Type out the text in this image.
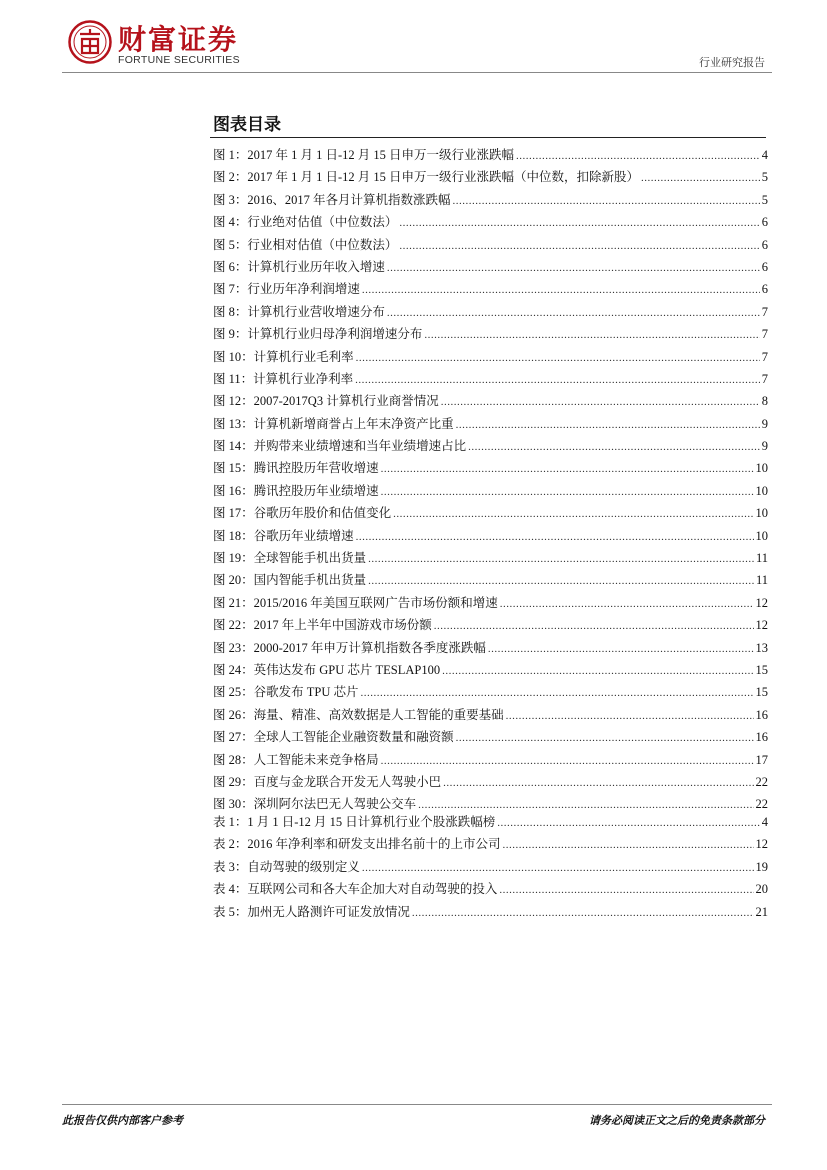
财富证券
FORTUNE SECURITIES	行业研究报告
图表目录
图 1：2017 年 1 月 1 日-12 月 15 日申万一级行业涨跌幅 .....	4
图 2：2017 年 1 月 1 日-12 月 15 日申万一级行业涨跌幅（中位数，扣除新股） .....	5
图 3：2016、2017 年各月计算机指数涨跌幅 .....	5
图 4：行业绝对估值（中位数法） .....	6
图 5：行业相对估值（中位数法） .....	6
图 6：计算机行业历年收入增速 .....	6
图 7：行业历年净利润增速 .....	6
图 8：计算机行业营收增速分布 .....	7
图 9：计算机行业归母净利润增速分布 .....	7
图 10：计算机行业毛利率 .....	7
图 11：计算机行业净利率 .....	7
图 12：2007-2017Q3 计算机行业商誉情况 .....	8
图 13：计算机新增商誉占上年末净资产比重 .....	9
图 14：并购带来业绩增速和当年业绩增速占比 .....	9
图 15：腾讯控股历年营收增速 .....	10
图 16：腾讯控股历年业绩增速 .....	10
图 17：谷歌历年股价和估值变化 .....	10
图 18：谷歌历年业绩增速 .....	10
图 19：全球智能手机出货量 .....	11
图 20：国内智能手机出货量 .....	11
图 21：2015/2016 年美国互联网广告市场份额和增速 .....	12
图 22：2017 年上半年中国游戏市场份额 .....	12
图 23：2000-2017 年申万计算机指数各季度涨跌幅 .....	13
图 24：英伟达发布 GPU 芯片 TESLAP100 .....	15
图 25：谷歌发布 TPU 芯片 .....	15
图 26：海量、精准、高效数据是人工智能的重要基础 .....	16
图 27：全球人工智能企业融资数量和融资额 .....	16
图 28：人工智能未来竞争格局 .....	17
图 29：百度与金龙联合开发无人驾驶小巴 .....	22
图 30：深圳阿尔法巴无人驾驶公交车 .....	22
表 1：1 月 1 日-12 月 15 日计算机行业个股涨跌幅榜 .....	4
表 2：2016 年净利率和研发支出排名前十的上市公司 .....	12
表 3：自动驾驶的级别定义 .....	19
表 4：互联网公司和各大车企加大对自动驾驶的投入 .....	20
表 5：加州无人路测许可证发放情况 .....	21
此报告仅供内部客户参考	请务必阅读正文之后的免责条款部分
